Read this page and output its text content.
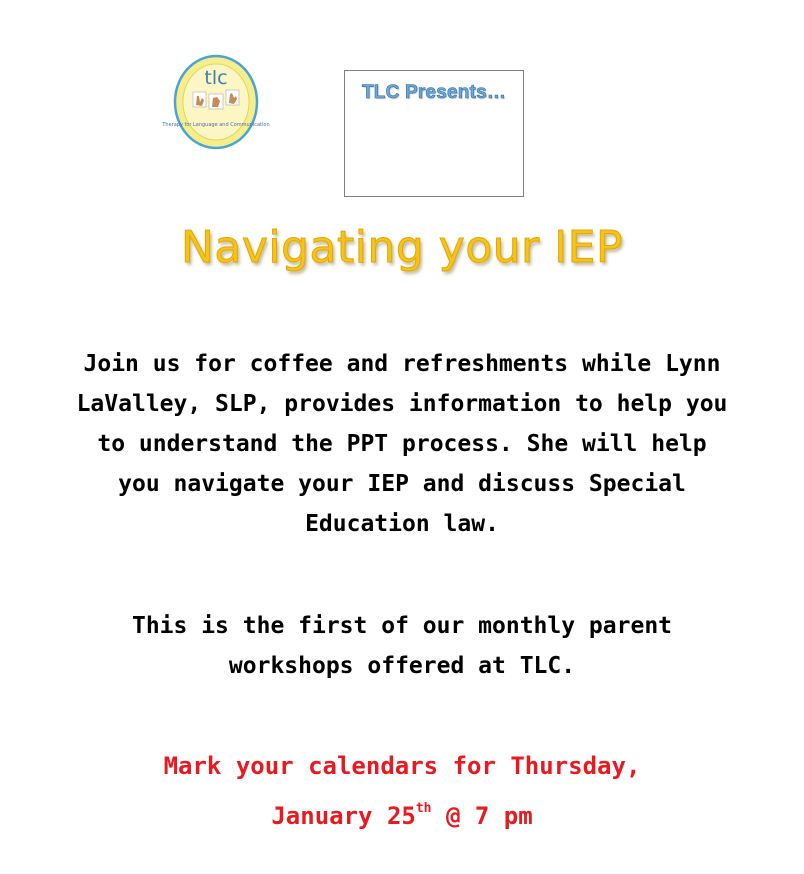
tlc
Therapy for Language and Communication
TLC Presents…
Navigating your IEP
Join us for coffee and refreshments while Lynn
LaValley, SLP, provides information to help you
to understand the PPT process. She will help
you navigate your IEP and discuss Special
Education law.
This is the first of our monthly parent
workshops offered at TLC.
Mark your calendars for Thursday,
January 25th @ 7 pm
